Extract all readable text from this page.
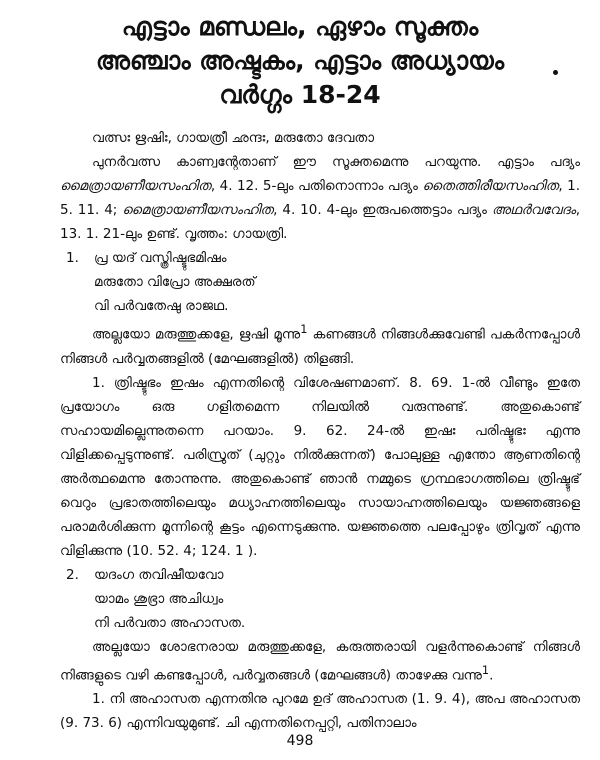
എട്ടാം മണ്ഡലം, ഏഴാം സൂക്തം
അഞ്ചാം അഷ്ടകം, എട്ടാം അധ്യായം
വർഗ്ഗം 18-24

വത്സഃ ഋഷിഃ, ഗായത്രീ ഛന്ദഃ, മരുതോ ദേവതാ

പുനർവത്സ കാണ്വന്റേതാണ് ഈ സൂക്തമെന്നു പറയുന്നു. എട്ടാം പദ്യം മൈത്രായണീയസംഹിത, 4. 12. 5-ലും പതിനൊന്നാം പദ്യം തൈത്തിരീയസംഹിത, 1. 5. 11. 4; മൈത്രായണീയസംഹിത, 4. 10. 4-ലും ഇരുപത്തെട്ടാം പദ്യം അഥർവവേദം, 13. 1. 21-ലും ഉണ്ട്. വൃത്തം: ഗായത്രി.

1. പ്ര യദ് വസ്ത്രിഷ്ടുഭമിഷം

മരുതോ വിപ്രോ അക്ഷരത്

വി പർവതേഷു രാജഥ.

അല്ലയോ മരുത്തുക്കളേ, ഋഷി മൂന്നു$^1$ കണങ്ങൾ നിങ്ങൾക്കുവേണ്ടി പകർന്നപ്പോൾ നിങ്ങൾ പർവ്വതങ്ങളിൽ (മേഘങ്ങളിൽ) തിളങ്ങി.

1. ത്രിഷ്ടുഭം ഇഷം എന്നതിന്റെ വിശേഷണമാണ്. 8. 69. 1-ൽ വീണ്ടും ഇതേ പ്രയോഗം ഒരു ഗളിതമെന്ന നിലയിൽ വരുന്നുണ്ട്. അതുകൊണ്ട് സഹായമില്ലെന്നുതന്നെ പറയാം. 9. 62. 24-ൽ ഇഷഃ പരിഷ്ടുഭഃ എന്നു വിളിക്കപ്പെടുന്നുണ്ട്. പരിസ്രുത് (ചുറ്റും നിൽക്കുന്നത്) പോലുള്ള എന്തോ ആണതിന്റെ അർത്ഥമെന്നു തോന്നുന്നു. അതുകൊണ്ട് ഞാൻ നമ്മുടെ ഗ്രന്ഥഭാഗത്തിലെ ത്രിഷ്ടുഭ് വെറും പ്രഭാതത്തിലെയും മധ്യാഹ്നത്തിലെയും സായാഹ്നത്തിലെയും യജ്ഞങ്ങളെ പരാമർശിക്കുന്ന മൂന്നിന്റെ കൂട്ടം എന്നെടുക്കുന്നു. യജ്ഞത്തെ പലപ്പോഴും ത്രിവൃത് എന്നു വിളിക്കുന്നു (10. 52. 4; 124. 1 ).

2. യദംഗ തവിഷീയവോ

യാമം ശുഭ്രാ അചിധ്വം

നി പർവതാ അഹാസത.

അല്ലയോ ശോഭനരായ മരുത്തുക്കളേ, കരുത്തരായി വളർന്നുകൊണ്ട് നിങ്ങൾ നിങ്ങളുടെ വഴി കണ്ടപ്പോൾ, പർവ്വതങ്ങൾ (മേഘങ്ങൾ) താഴേക്കു വന്നു$^1$.

1. നി അഹാസത എന്നതിനു പുറമേ ഉദ് അഹാസത (1. 9. 4), അപ അഹാസത (9. 73. 6) എന്നിവയുമുണ്ട്. ചി എന്നതിനെപ്പറ്റി, പതിനാലാം

498
